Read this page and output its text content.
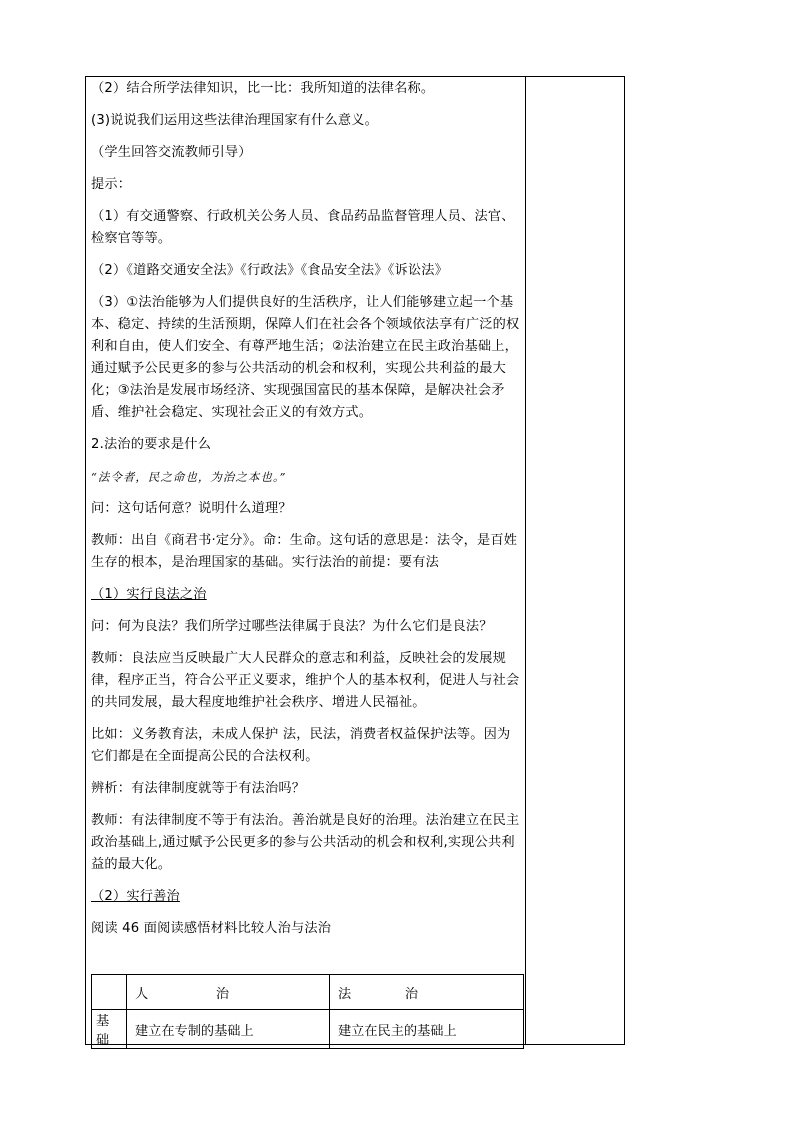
（2）结合所学法律知识，比一比：我所知道的法律名称。

(3)说说我们运用这些法律治理国家有什么意义。

（学生回答交流教师引导）

提示：

（1）有交通警察、行政机关公务人员、食品药品监督管理人员、法官、检察官等等。

（2）《道路交通安全法》《行政法》《食品安全法》《诉讼法》

（3）①法治能够为人们提供良好的生活秩序，让人们能够建立起一个基本、稳定、持续的生活预期，保障人们在社会各个领域依法享有广泛的权利和自由，使人们安全、有尊严地生活；②法治建立在民主政治基础上，通过赋予公民更多的参与公共活动的机会和权利，实现公共利益的最大化；③法治是发展市场经济、实现强国富民的基本保障，是解决社会矛盾、维护社会稳定、实现社会正义的有效方式。

2.法治的要求是什么

“法令者，民之命也，为治之本也。”

问：这句话何意？说明什么道理？

教师：出自《商君书·定分》。命：生命。这句话的意思是：法令，是百姓生存的根本，是治理国家的基础。实行法治的前提：要有法

（1）实行良法之治

问：何为良法？我们所学过哪些法律属于良法？为什么它们是良法？

教师：良法应当反映最广大人民群众的意志和利益，反映社会的发展规律，程序正当，符合公平正义要求，维护个人的基本权利，促进人与社会的共同发展，最大程度地维护社会秩序、增进人民福祉。

比如：义务教育法，未成人保护 法，民法，消费者权益保护法等。因为它们都是在全面提高公民的合法权利。

辨析：有法律制度就等于有法治吗？

教师：有法律制度不等于有法治。善治就是良好的治理。法治建立在民主政治基础上,通过赋予公民更多的参与公共活动的机会和权利,实现公共利益的最大化。

（2）实行善治

阅读 46 面阅读感悟材料比较人治与法治

	人 治	法 治

基础	建立在专制的基础上	建立在民主的基础上
